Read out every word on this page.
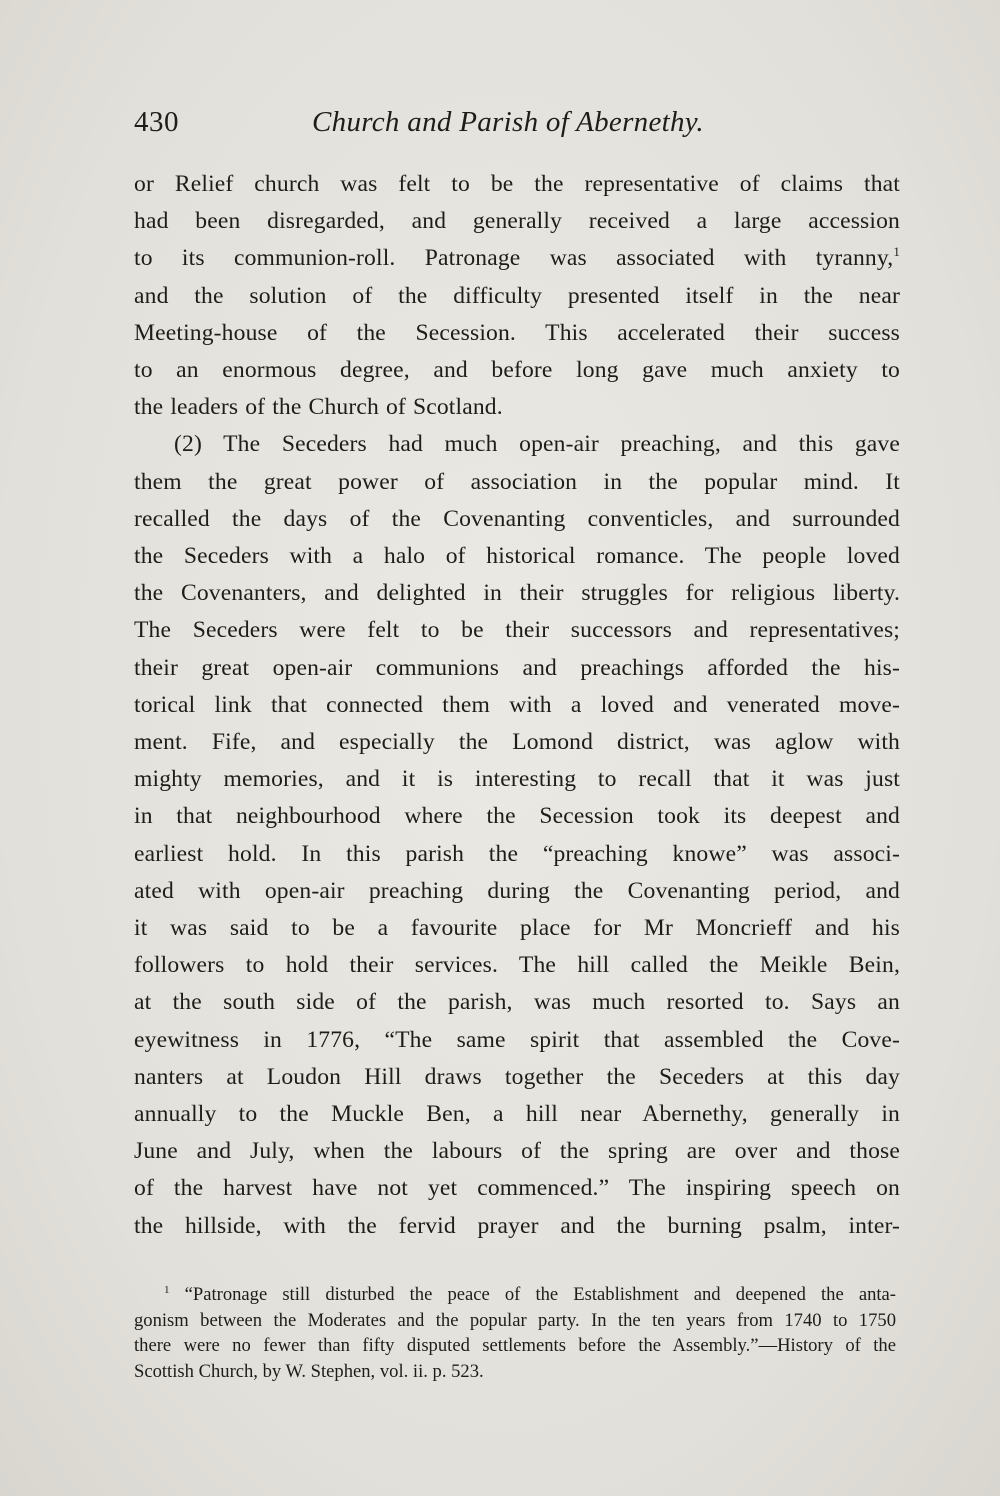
430	Church and Parish of Abernethy.

or Relief church was felt to be the representative of claims that

had been disregarded, and generally received a large accession

to its communion-roll. Patronage was associated with tyranny,$^1$

and the solution of the difficulty presented itself in the near

Meeting-house of the Secession. This accelerated their success

to an enormous degree, and before long gave much anxiety to

the leaders of the Church of Scotland.

(2) The Seceders had much open-air preaching, and this gave

them the great power of association in the popular mind. It

recalled the days of the Covenanting conventicles, and surrounded

the Seceders with a halo of historical romance. The people loved

the Covenanters, and delighted in their struggles for religious liberty.

The Seceders were felt to be their successors and representatives;

their great open-air communions and preachings afforded the his-

torical link that connected them with a loved and venerated move-

ment. Fife, and especially the Lomond district, was aglow with

mighty memories, and it is interesting to recall that it was just

in that neighbourhood where the Secession took its deepest and

earliest hold. In this parish the “preaching knowe” was associ-

ated with open-air preaching during the Covenanting period, and

it was said to be a favourite place for Mr Moncrieff and his

followers to hold their services. The hill called the Meikle Bein,

at the south side of the parish, was much resorted to. Says an

eyewitness in 1776, “The same spirit that assembled the Cove-

nanters at Loudon Hill draws together the Seceders at this day

annually to the Muckle Ben, a hill near Abernethy, generally in

June and July, when the labours of the spring are over and those

of the harvest have not yet commenced.” The inspiring speech on

the hillside, with the fervid prayer and the burning psalm, inter-

$^1$ “Patronage still disturbed the peace of the Establishment and deepened the anta-

gonism between the Moderates and the popular party. In the ten years from 1740 to 1750

there were no fewer than fifty disputed settlements before the Assembly.”—History of the

Scottish Church, by W. Stephen, vol. ii. p. 523.
